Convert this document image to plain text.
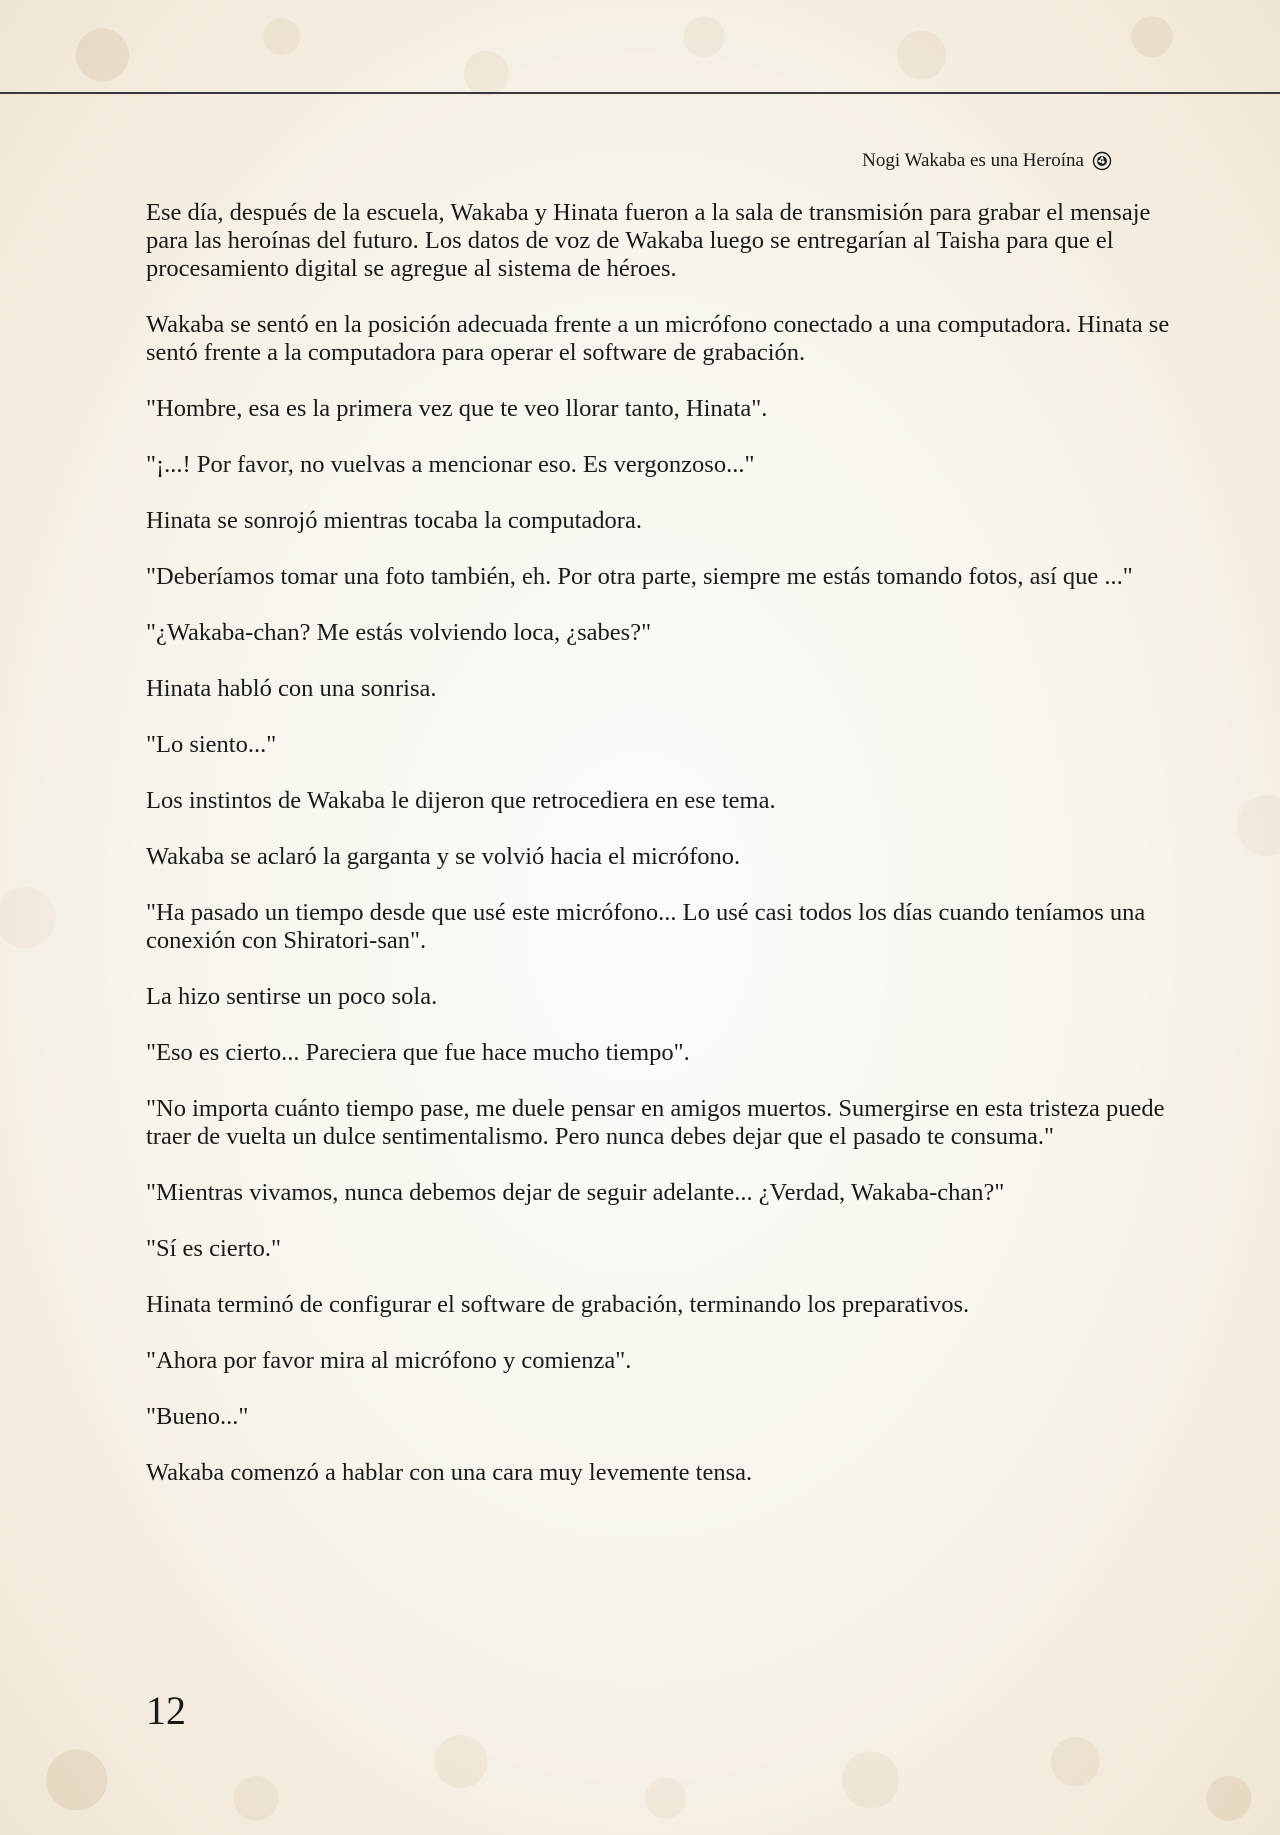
Nogi Wakaba es una Heroína

Ese día, después de la escuela, Wakaba y Hinata fueron a la sala de transmisión para grabar el mensaje para las heroínas del futuro. Los datos de voz de Wakaba luego se entregarían al Taisha para que el procesamiento digital se agregue al sistema de héroes.

Wakaba se sentó en la posición adecuada frente a un micrófono conectado a una computadora. Hinata se sentó frente a la computadora para operar el software de grabación.

"Hombre, esa es la primera vez que te veo llorar tanto, Hinata".

"¡...! Por favor, no vuelvas a mencionar eso. Es vergonzoso..."

Hinata se sonrojó mientras tocaba la computadora.

"Deberíamos tomar una foto también, eh. Por otra parte, siempre me estás tomando fotos, así que ..."

"¿Wakaba-chan? Me estás volviendo loca, ¿sabes?"

Hinata habló con una sonrisa.

"Lo siento..."

Los instintos de Wakaba le dijeron que retrocediera en ese tema.

Wakaba se aclaró la garganta y se volvió hacia el micrófono.

"Ha pasado un tiempo desde que usé este micrófono... Lo usé casi todos los días cuando teníamos una conexión con Shiratori-san".

La hizo sentirse un poco sola.

"Eso es cierto... Pareciera que fue hace mucho tiempo".

"No importa cuánto tiempo pase, me duele pensar en amigos muertos. Sumergirse en esta tristeza puede traer de vuelta un dulce sentimentalismo. Pero nunca debes dejar que el pasado te consuma."

"Mientras vivamos, nunca debemos dejar de seguir adelante... ¿Verdad, Wakaba-chan?"

"Sí es cierto."

Hinata terminó de configurar el software de grabación, terminando los preparativos.

"Ahora por favor mira al micrófono y comienza".

"Bueno..."

Wakaba comenzó a hablar con una cara muy levemente tensa.

12
